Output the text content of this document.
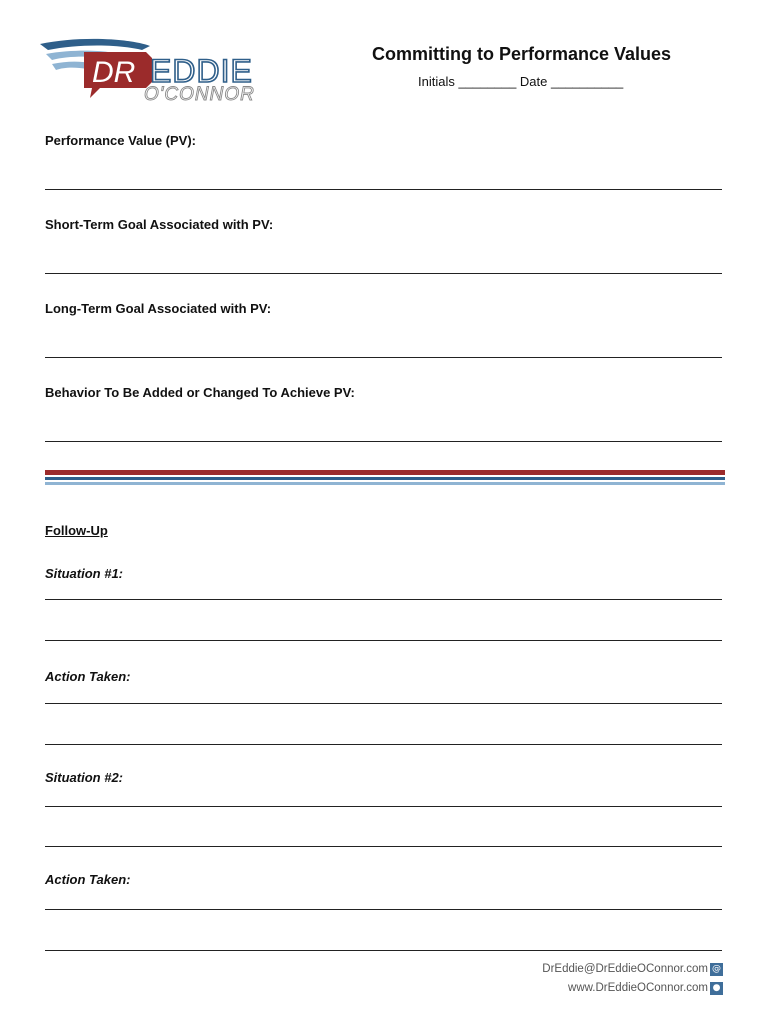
DR EDDIE
O'CONNOR
Committing to Performance Values
Initials ________ Date __________
Performance Value (PV):
Short-Term Goal Associated with PV:
Long-Term Goal Associated with PV:
Behavior To Be Added or Changed To Achieve PV:
Follow-Up
Situation #1:
Action Taken:
Situation #2:
Action Taken:
DrEddie@DrEddieOConnor.com @
www.DrEddieOConnor.com ●
